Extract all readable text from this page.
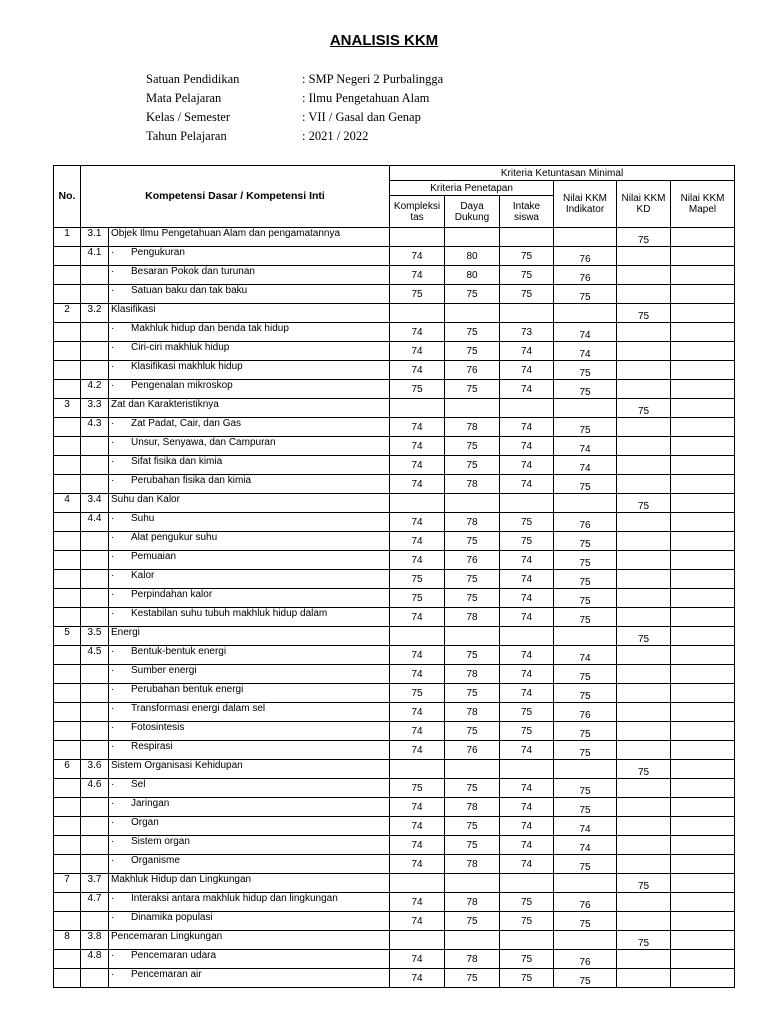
ANALISIS KKM
Satuan Pendidikan	: SMP Negeri 2 Purbalingga
Mata Pelajaran	: Ilmu Pengetahuan Alam
Kelas / Semester	: VII / Gasal dan Genap
Tahun Pelajaran	: 2021 / 2022
No.	Kompetensi Dasar / Kompetensi Inti		Kriteria Ketuntasan Minimal					
			Kriteria Penetapan			Nilai KKM Indikator	Nilai KKM KD	Nilai KKM Mapel
			Kompleksi tas	Daya Dukung	Intake siswa			
1	3.1	Objek Ilmu Pengetahuan Alam dan pengamatannya					75	
	4.1	· Pengukuran	74	80	75	76		
		· Besaran Pokok dan turunan	74	80	75	76		
		· Satuan baku dan tak baku	75	75	75	75		
2	3.2	Klasifikasi					75	
		· Makhluk hidup dan benda tak hidup	74	75	73	74		
		· Ciri-ciri makhluk hidup	74	75	74	74		
		· Klasifikasi makhluk hidup	74	76	74	75		
	4.2	· Pengenalan mikroskop	75	75	74	75		
3	3.3	Zat dan Karakteristiknya					75	
	4.3	· Zat Padat, Cair, dan Gas	74	78	74	75		
		· Unsur, Senyawa, dan Campuran	74	75	74	74		
		· Sifat fisika dan kimia	74	75	74	74		
		· Perubahan fisika dan kimia	74	78	74	75		
4	3.4	Suhu dan Kalor					75	
	4.4	· Suhu	74	78	75	76		
		· Alat pengukur suhu	74	75	75	75		
		· Pemuaian	74	76	74	75		
		· Kalor	75	75	74	75		
		· Perpindahan kalor	75	75	74	75		
		· Kestabilan suhu tubuh makhluk hidup dalam	74	78	74	75		
5	3.5	Energi					75	
	4.5	· Bentuk-bentuk energi	74	75	74	74		
		· Sumber energi	74	78	74	75		
		· Perubahan bentuk energi	75	75	74	75		
		· Transformasi energi dalam sel	74	78	75	76		
		· Fotosintesis	74	75	75	75		
		· Respirasi	74	76	74	75		
6	3.6	Sistem Organisasi Kehidupan					75	
	4.6	· Sel	75	75	74	75		
		· Jaringan	74	78	74	75		
		· Organ	74	75	74	74		
		· Sistem organ	74	75	74	74		
		· Organisme	74	78	74	75		
7	3.7	Makhluk Hidup dan Lingkungan					75	
	4.7	· Interaksi antara makhluk hidup dan lingkungan	74	78	75	76		
		· Dinamika populasi	74	75	75	75		
8	3.8	Pencemaran Lingkungan					75	
	4.8	· Pencemaran udara	74	78	75	76		
		· Pencemaran air	74	75	75	75		
